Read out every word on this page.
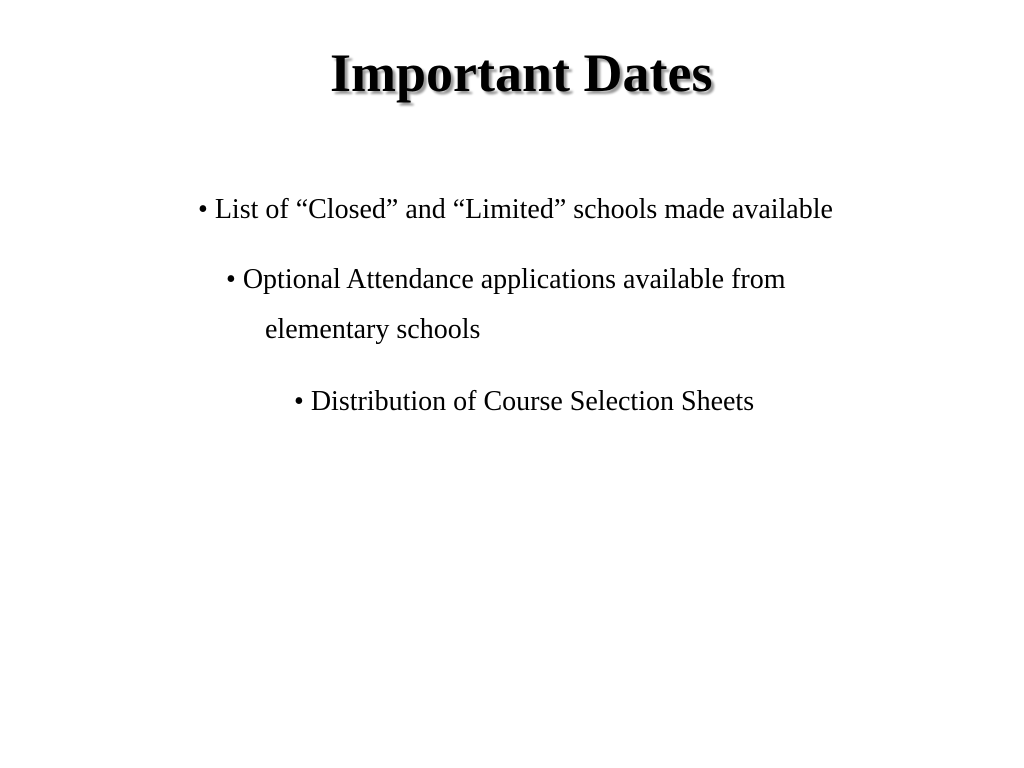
Important Dates
• List of “Closed” and “Limited” schools made available
• Optional Attendance applications available from
elementary schools
• Distribution of Course Selection Sheets
